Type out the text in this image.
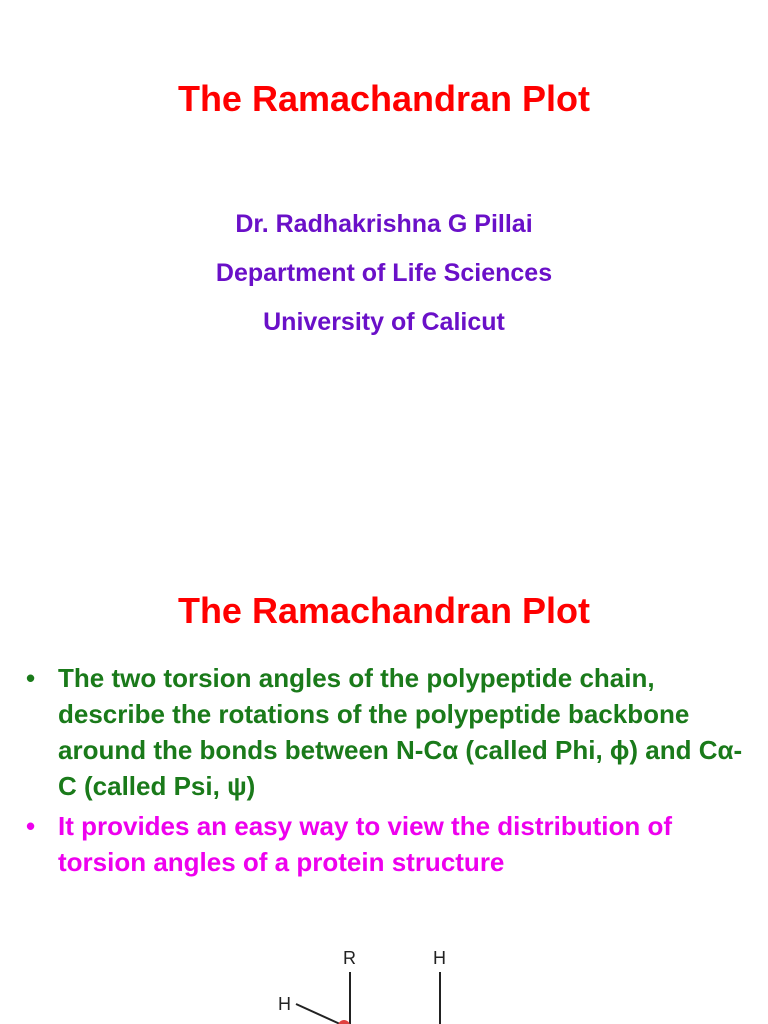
The Ramachandran Plot
Dr. Radhakrishna G Pillai
Department of Life Sciences
University of Calicut
The Ramachandran Plot
• The two torsion angles of the polypeptide chain, describe the rotations of the polypeptide backbone around the bonds between N-Cα (called Phi, ϕ) and Cα-C (called Psi, ψ)
• It provides an easy way to view the distribution of torsion angles of a protein structure
R	H
H
